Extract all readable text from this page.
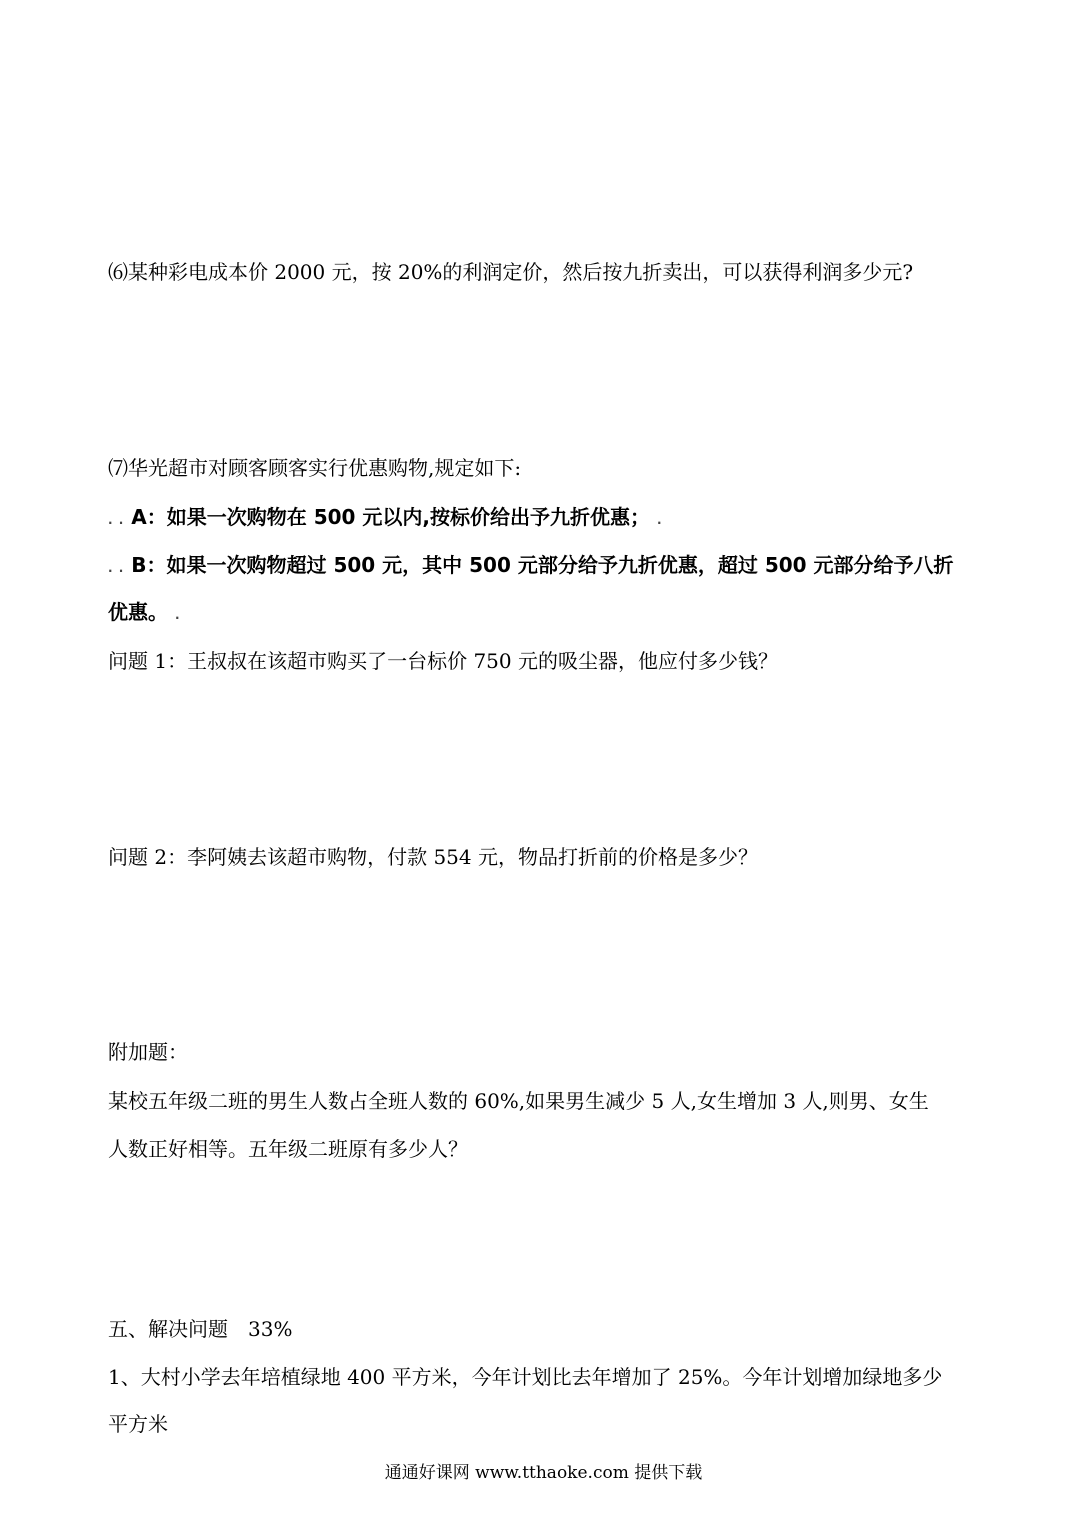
⑹某种彩电成本价 2000 元，按 20%的利润定价，然后按九折卖出，可以获得利润多少元?
⑺华光超市对顾客顾客实行优惠购物,规定如下:
. . A：如果一次购物在 500 元以内,按标价给出予九折优惠； .
. . B：如果一次购物超过 500 元，其中 500 元部分给予九折优惠，超过 500 元部分给予八折
优惠。 .
问题 1：王叔叔在该超市购买了一台标价 750 元的吸尘器，他应付多少钱？
问题 2：李阿姨去该超市购物，付款 554 元，物品打折前的价格是多少？
附加题：
某校五年级二班的男生人数占全班人数的 60%,如果男生减少 5 人,女生增加 3 人,则男、女生
人数正好相等。五年级二班原有多少人？
五、解决问题　33%
1、大村小学去年培植绿地 400 平方米，今年计划比去年增加了 25%。今年计划增加绿地多少
平方米
通通好课网 www.tthaoke.com 提供下载
